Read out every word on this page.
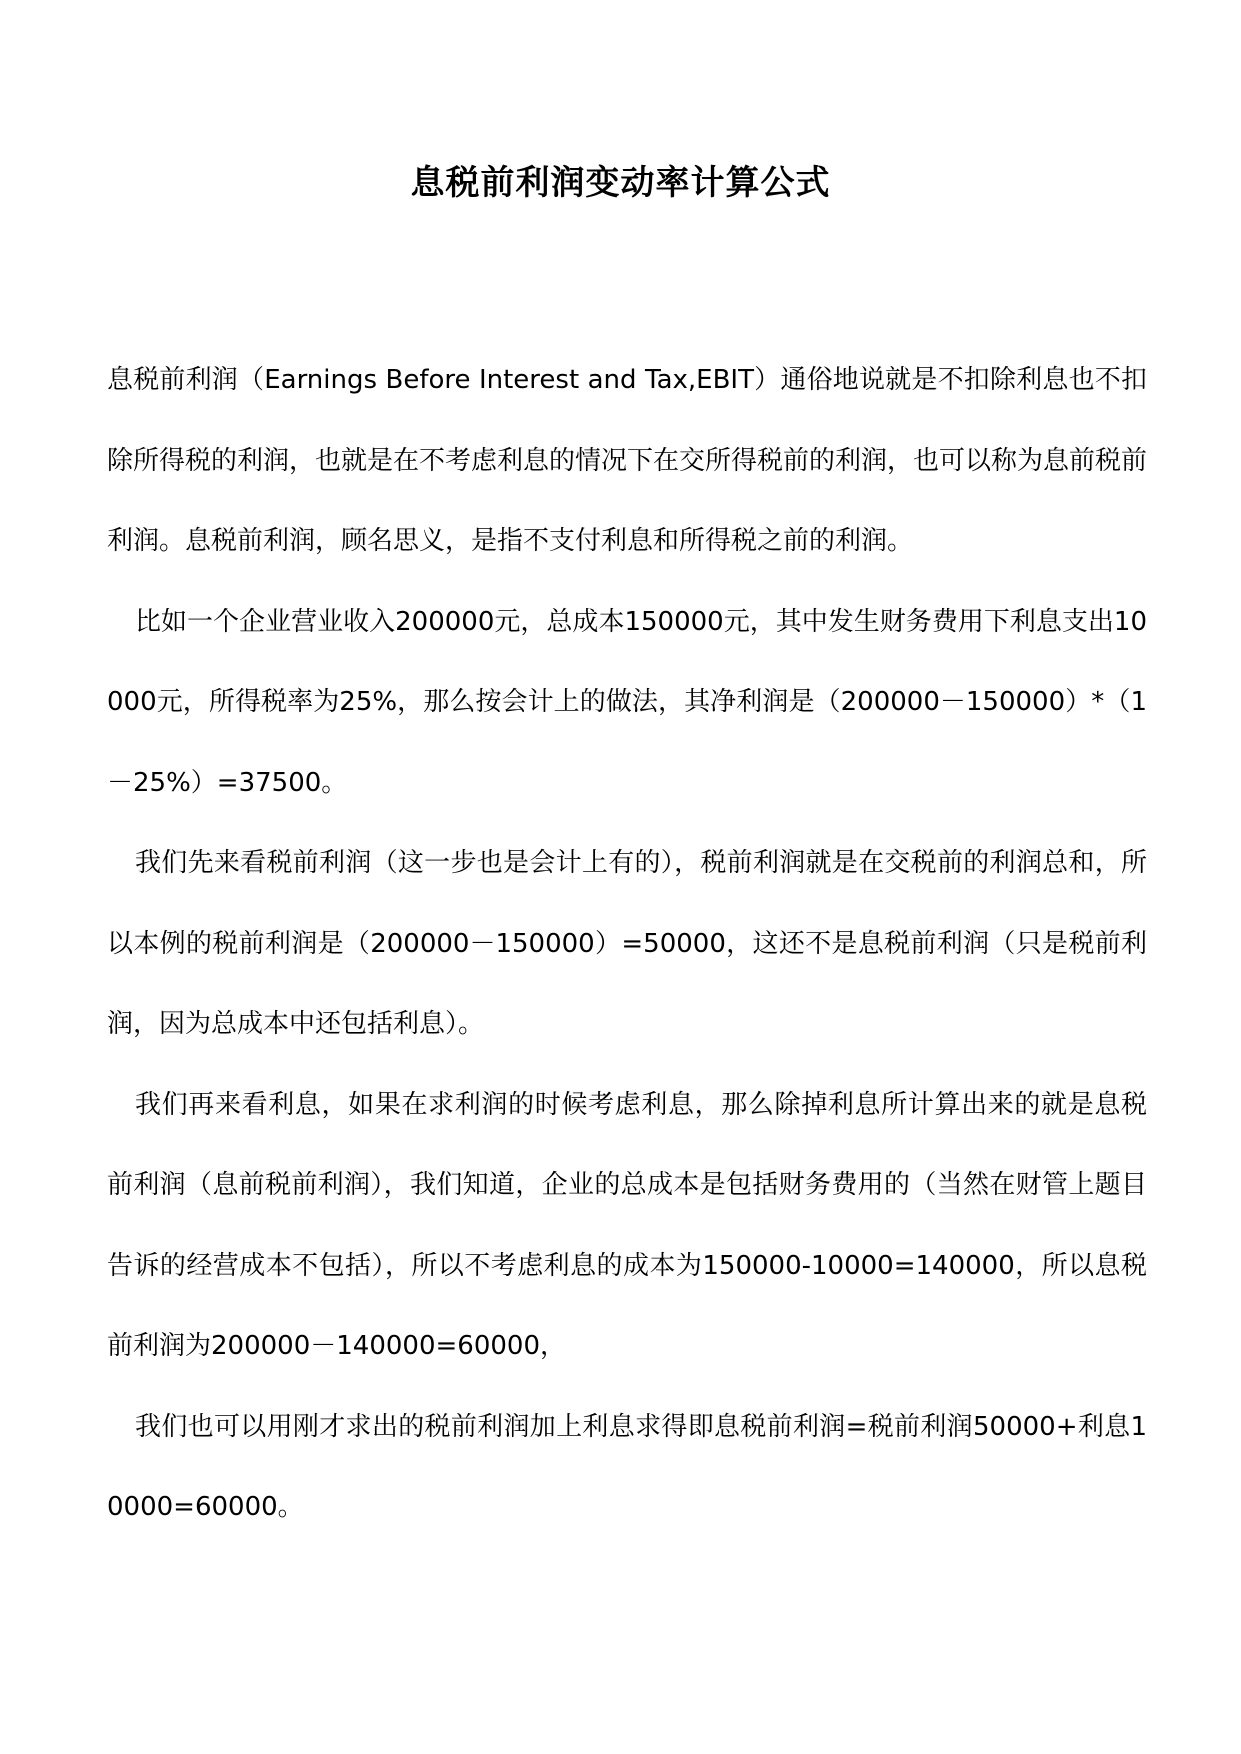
息税前利润变动率计算公式

息税前利润（Earnings Before Interest and Tax,EBIT）通俗地说就是不扣除利息也不扣除所得税的利润，也就是在不考虑利息的情况下在交所得税前的利润，也可以称为息前税前利润。息税前利润，顾名思义，是指不支付利息和所得税之前的利润。

比如一个企业营业收入200000元，总成本150000元，其中发生财务费用下利息支出10000元，所得税率为25%，那么按会计上的做法，其净利润是（200000－150000）*（1－25%）=37500。

我们先来看税前利润（这一步也是会计上有的），税前利润就是在交税前的利润总和，所以本例的税前利润是（200000－150000）=50000，这还不是息税前利润（只是税前利润，因为总成本中还包括利息）。

我们再来看利息，如果在求利润的时候考虑利息，那么除掉利息所计算出来的就是息税前利润（息前税前利润），我们知道，企业的总成本是包括财务费用的（当然在财管上题目告诉的经营成本不包括），所以不考虑利息的成本为150000-10000=140000，所以息税前利润为200000－140000=60000，

我们也可以用刚才求出的税前利润加上利息求得即息税前利润=税前利润50000+利息10000=60000。
